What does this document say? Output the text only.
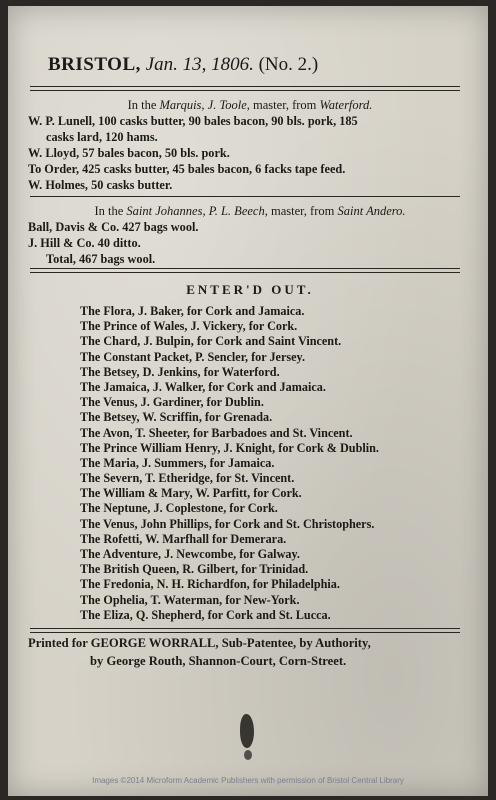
BRISTOL, Jan. 13, 1806. (No. 2.)
In the Marquis, J. Toole, master, from Waterford.
W. P. Lunell, 100 casks butter, 90 bales bacon, 90 bls. pork, 185
casks lard, 120 hams.
W. Lloyd, 57 bales bacon, 50 bls. pork.
To Order, 425 casks butter, 45 bales bacon, 6 facks tape feed.
W. Holmes, 50 casks butter.
In the Saint Johannes, P. L. Beech, master, from Saint Andero.
Ball, Davis & Co. 427 bags wool.
J. Hill & Co. 40 ditto.
Total, 467 bags wool.
ENTER'D OUT.
The Flora, J. Baker, for Cork and Jamaica.
The Prince of Wales, J. Vickery, for Cork.
The Chard, J. Bulpin, for Cork and Saint Vincent.
The Constant Packet, P. Sencler, for Jersey.
The Betsey, D. Jenkins, for Waterford.
The Jamaica, J. Walker, for Cork and Jamaica.
The Venus, J. Gardiner, for Dublin.
The Betsey, W. Scriffin, for Grenada.
The Avon, T. Sheeter, for Barbadoes and St. Vincent.
The Prince William Henry, J. Knight, for Cork & Dublin.
The Maria, J. Summers, for Jamaica.
The Severn, T. Etheridge, for St. Vincent.
The William & Mary, W. Parfitt, for Cork.
The Neptune, J. Coplestone, for Cork.
The Venus, John Phillips, for Cork and St. Christophers.
The Rofetti, W. Marfhall for Demerara.
The Adventure, J. Newcombe, for Galway.
The British Queen, R. Gilbert, for Trinidad.
The Fredonia, N. H. Richardfon, for Philadelphia.
The Ophelia, T. Waterman, for New-York.
The Eliza, Q. Shepherd, for Cork and St. Lucca.
Printed for GEORGE WORRALL, Sub-Patentee, by Authority,
by George Routh, Shannon-Court, Corn-Street.
Images ©2014 Microform Academic Publishers with permission of Bristol Central Library
